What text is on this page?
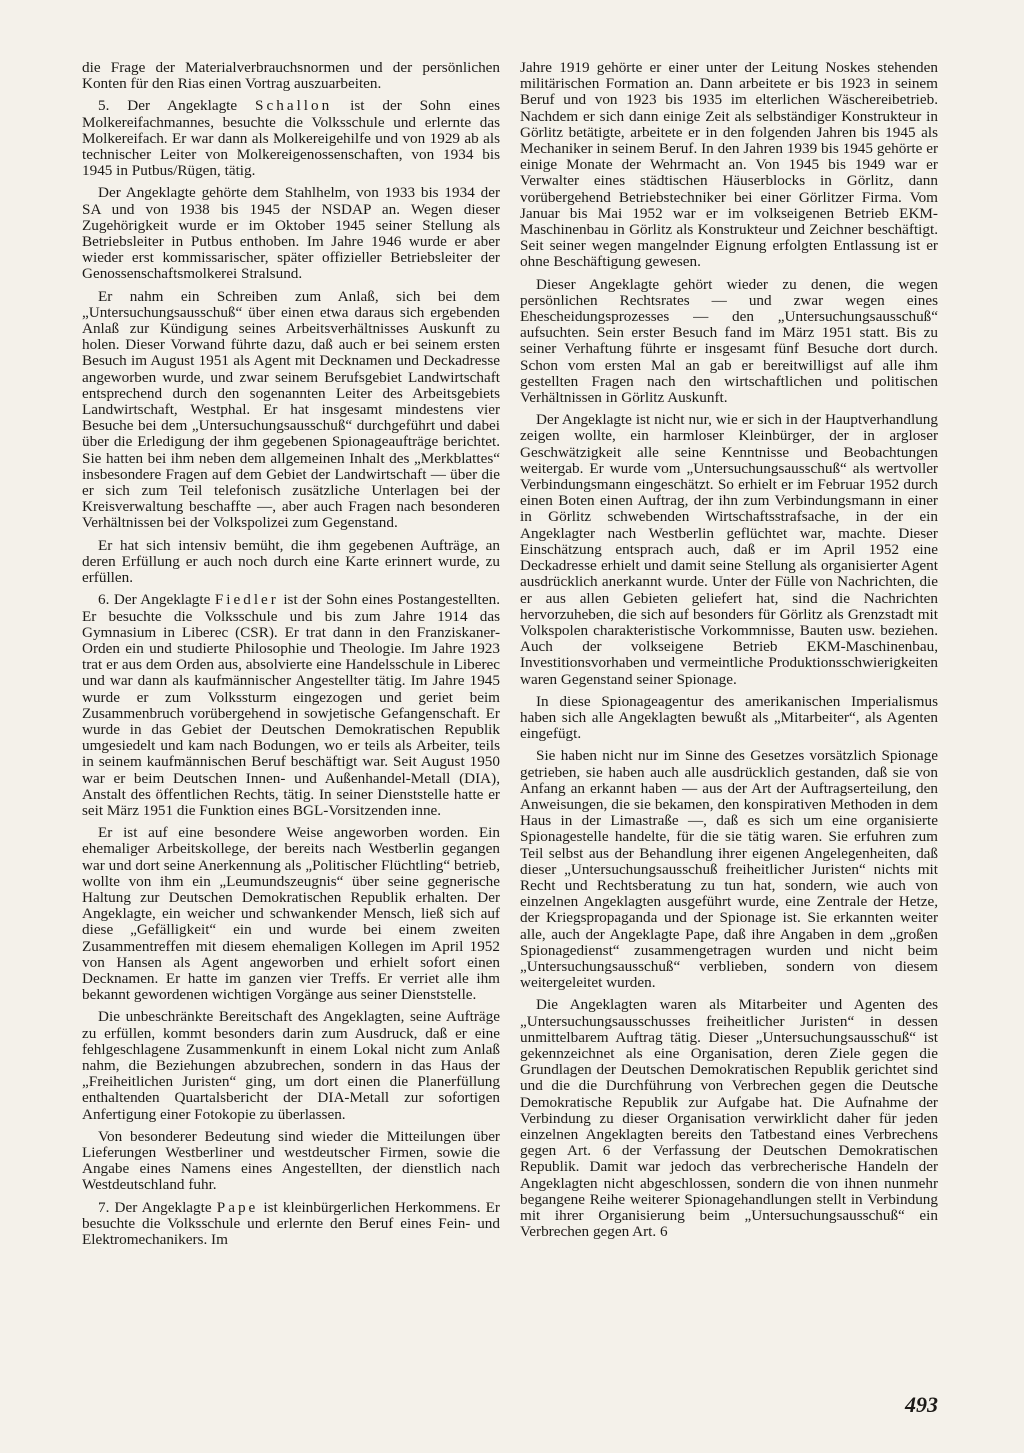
die Frage der Materialverbrauchsnormen und der persönlichen Konten für den Rias einen Vortrag auszuarbeiten.

5. Der Angeklagte Schallon ist der Sohn eines Molkereifachmannes, besuchte die Volksschule und erlernte das Molkereifach. Er war dann als Molkereigehilfe und von 1929 ab als technischer Leiter von Molkereigenossenschaften, von 1934 bis 1945 in Putbus/Rügen, tätig.

Der Angeklagte gehörte dem Stahlhelm, von 1933 bis 1934 der SA und von 1938 bis 1945 der NSDAP an. Wegen dieser Zugehörigkeit wurde er im Oktober 1945 seiner Stellung als Betriebsleiter in Putbus enthoben. Im Jahre 1946 wurde er aber wieder erst kommissarischer, später offizieller Betriebsleiter der Genossenschaftsmolkerei Stralsund.

Er nahm ein Schreiben zum Anlaß, sich bei dem „Untersuchungsausschuß“ über einen etwa daraus sich ergebenden Anlaß zur Kündigung seines Arbeitsverhältnisses Auskunft zu holen. Dieser Vorwand führte dazu, daß auch er bei seinem ersten Besuch im August 1951 als Agent mit Decknamen und Deckadresse angeworben wurde, und zwar seinem Berufsgebiet Landwirtschaft entsprechend durch den sogenannten Leiter des Arbeitsgebiets Landwirtschaft, Westphal. Er hat insgesamt mindestens vier Besuche bei dem „Untersuchungsausschuß“ durchgeführt und dabei über die Erledigung der ihm gegebenen Spionageaufträge berichtet. Sie hatten bei ihm neben dem allgemeinen Inhalt des „Merkblattes“ insbesondere Fragen auf dem Gebiet der Landwirtschaft — über die er sich zum Teil telefonisch zusätzliche Unterlagen bei der Kreisverwaltung beschaffte —, aber auch Fragen nach besonderen Verhältnissen bei der Volkspolizei zum Gegenstand.

Er hat sich intensiv bemüht, die ihm gegebenen Aufträge, an deren Erfüllung er auch noch durch eine Karte erinnert wurde, zu erfüllen.

6. Der Angeklagte Fiedler ist der Sohn eines Postangestellten. Er besuchte die Volksschule und bis zum Jahre 1914 das Gymnasium in Liberec (CSR). Er trat dann in den Franziskaner-Orden ein und studierte Philosophie und Theologie. Im Jahre 1923 trat er aus dem Orden aus, absolvierte eine Handelsschule in Liberec und war dann als kaufmännischer Angestellter tätig. Im Jahre 1945 wurde er zum Volkssturm eingezogen und geriet beim Zusammenbruch vorübergehend in sowjetische Gefangenschaft. Er wurde in das Gebiet der Deutschen Demokratischen Republik umgesiedelt und kam nach Bodungen, wo er teils als Arbeiter, teils in seinem kaufmännischen Beruf beschäftigt war. Seit August 1950 war er beim Deutschen Innen- und Außenhandel-Metall (DIA), Anstalt des öffentlichen Rechts, tätig. In seiner Dienststelle hatte er seit März 1951 die Funktion eines BGL-Vorsitzenden inne.

Er ist auf eine besondere Weise angeworben worden. Ein ehemaliger Arbeitskollege, der bereits nach Westberlin gegangen war und dort seine Anerkennung als „Politischer Flüchtling“ betrieb, wollte von ihm ein „Leumundszeugnis“ über seine gegnerische Haltung zur Deutschen Demokratischen Republik erhalten. Der Angeklagte, ein weicher und schwankender Mensch, ließ sich auf diese „Gefälligkeit“ ein und wurde bei einem zweiten Zusammentreffen mit diesem ehemaligen Kollegen im April 1952 von Hansen als Agent angeworben und erhielt sofort einen Decknamen. Er hatte im ganzen vier Treffs. Er verriet alle ihm bekannt gewordenen wichtigen Vorgänge aus seiner Dienststelle.

Die unbeschränkte Bereitschaft des Angeklagten, seine Aufträge zu erfüllen, kommt besonders darin zum Ausdruck, daß er eine fehlgeschlagene Zusammenkunft in einem Lokal nicht zum Anlaß nahm, die Beziehungen abzubrechen, sondern in das Haus der „Freiheitlichen Juristen“ ging, um dort einen die Planerfüllung enthaltenden Quartalsbericht der DIA-Metall zur sofortigen Anfertigung einer Fotokopie zu überlassen.

Von besonderer Bedeutung sind wieder die Mitteilungen über Lieferungen Westberliner und westdeutscher Firmen, sowie die Angabe eines Namens eines Angestellten, der dienstlich nach Westdeutschland fuhr.

7. Der Angeklagte Pape ist kleinbürgerlichen Herkommens. Er besuchte die Volksschule und erlernte den Beruf eines Fein- und Elektromechanikers. Im

Jahre 1919 gehörte er einer unter der Leitung Noskes stehenden militärischen Formation an. Dann arbeitete er bis 1923 in seinem Beruf und von 1923 bis 1935 im elterlichen Wäschereibetrieb. Nachdem er sich dann einige Zeit als selbständiger Konstrukteur in Görlitz betätigte, arbeitete er in den folgenden Jahren bis 1945 als Mechaniker in seinem Beruf. In den Jahren 1939 bis 1945 gehörte er einige Monate der Wehrmacht an. Von 1945 bis 1949 war er Verwalter eines städtischen Häuserblocks in Görlitz, dann vorübergehend Betriebstechniker bei einer Görlitzer Firma. Vom Januar bis Mai 1952 war er im volkseigenen Betrieb EKM-Maschinenbau in Görlitz als Konstrukteur und Zeichner beschäftigt. Seit seiner wegen mangelnder Eignung erfolgten Entlassung ist er ohne Beschäftigung gewesen.

Dieser Angeklagte gehört wieder zu denen, die wegen persönlichen Rechtsrates — und zwar wegen eines Ehescheidungsprozesses — den „Untersuchungsausschuß“ aufsuchten. Sein erster Besuch fand im März 1951 statt. Bis zu seiner Verhaftung führte er insgesamt fünf Besuche dort durch. Schon vom ersten Mal an gab er bereitwilligst auf alle ihm gestellten Fragen nach den wirtschaftlichen und politischen Verhältnissen in Görlitz Auskunft.

Der Angeklagte ist nicht nur, wie er sich in der Hauptverhandlung zeigen wollte, ein harmloser Kleinbürger, der in argloser Geschwätzigkeit alle seine Kenntnisse und Beobachtungen weitergab. Er wurde vom „Untersuchungsausschuß“ als wertvoller Verbindungsmann eingeschätzt. So erhielt er im Februar 1952 durch einen Boten einen Auftrag, der ihn zum Verbindungsmann in einer in Görlitz schwebenden Wirtschaftsstrafsache, in der ein Angeklagter nach Westberlin geflüchtet war, machte. Dieser Einschätzung entsprach auch, daß er im April 1952 eine Deckadresse erhielt und damit seine Stellung als organisierter Agent ausdrücklich anerkannt wurde. Unter der Fülle von Nachrichten, die er aus allen Gebieten geliefert hat, sind die Nachrichten hervorzuheben, die sich auf besonders für Görlitz als Grenzstadt mit Volkspolen charakteristische Vorkommnisse, Bauten usw. beziehen. Auch der volkseigene Betrieb EKM-Maschinenbau, Investitionsvorhaben und vermeintliche Produktionsschwierigkeiten waren Gegenstand seiner Spionage.

In diese Spionageagentur des amerikanischen Imperialismus haben sich alle Angeklagten bewußt als „Mitarbeiter“, als Agenten eingefügt.

Sie haben nicht nur im Sinne des Gesetzes vorsätzlich Spionage getrieben, sie haben auch alle ausdrücklich gestanden, daß sie von Anfang an erkannt haben — aus der Art der Auftragserteilung, den Anweisungen, die sie bekamen, den konspirativen Methoden in dem Haus in der Limastraße —, daß es sich um eine organisierte Spionagestelle handelte, für die sie tätig waren. Sie erfuhren zum Teil selbst aus der Behandlung ihrer eigenen Angelegenheiten, daß dieser „Untersuchungsausschuß freiheitlicher Juristen“ nichts mit Recht und Rechtsberatung zu tun hat, sondern, wie auch von einzelnen Angeklagten ausgeführt wurde, eine Zentrale der Hetze, der Kriegspropaganda und der Spionage ist. Sie erkannten weiter alle, auch der Angeklagte Pape, daß ihre Angaben in dem „großen Spionagedienst“ zusammengetragen wurden und nicht beim „Untersuchungsausschuß“ verblieben, sondern von diesem weitergeleitet wurden.

Die Angeklagten waren als Mitarbeiter und Agenten des „Untersuchungsausschusses freiheitlicher Juristen“ in dessen unmittelbarem Auftrag tätig. Dieser „Untersuchungsausschuß“ ist gekennzeichnet als eine Organisation, deren Ziele gegen die Grundlagen der Deutschen Demokratischen Republik gerichtet sind und die die Durchführung von Verbrechen gegen die Deutsche Demokratische Republik zur Aufgabe hat. Die Aufnahme der Verbindung zu dieser Organisation verwirklicht daher für jeden einzelnen Angeklagten bereits den Tatbestand eines Verbrechens gegen Art. 6 der Verfassung der Deutschen Demokratischen Republik. Damit war jedoch das verbrecherische Handeln der Angeklagten nicht abgeschlossen, sondern die von ihnen nunmehr begangene Reihe weiterer Spionagehandlungen stellt in Verbindung mit ihrer Organisierung beim „Untersuchungsausschuß“ ein Verbrechen gegen Art. 6

493
